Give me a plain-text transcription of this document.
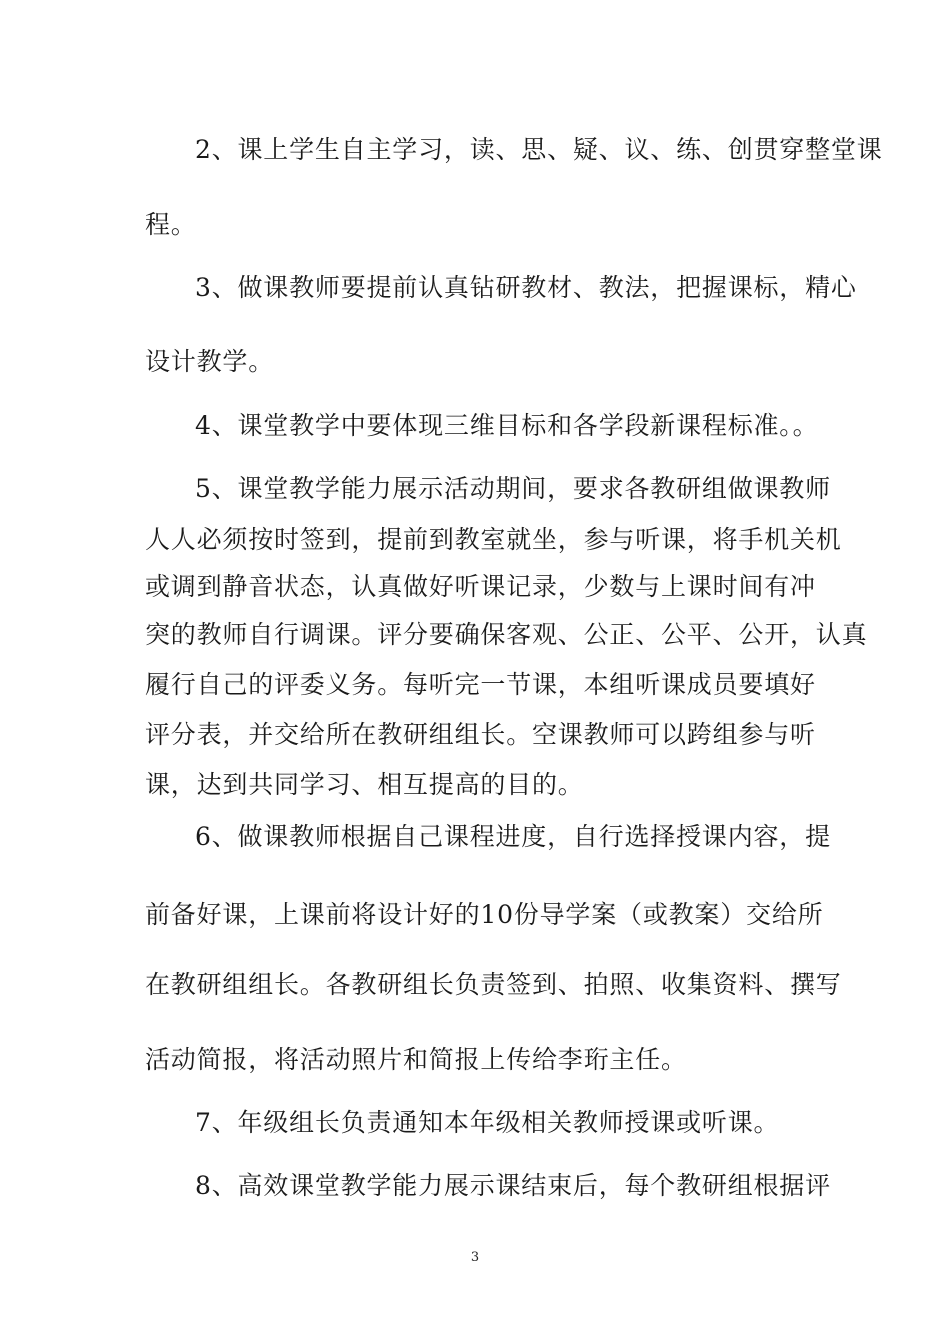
2、课上学生自主学习，读、思、疑、议、练、创贯穿整堂课
程。
3、做课教师要提前认真钻研教材、教法，把握课标，精心
设计教学。
4、课堂教学中要体现三维目标和各学段新课程标准。。
5、课堂教学能力展示活动期间，要求各教研组做课教师
人人必须按时签到，提前到教室就坐，参与听课，将手机关机
或调到静音状态，认真做好听课记录，少数与上课时间有冲
突的教师自行调课。评分要确保客观、公正、公平、公开，认真
履行自己的评委义务。每听完一节课，本组听课成员要填好
评分表，并交给所在教研组组长。空课教师可以跨组参与听
课，达到共同学习、相互提高的目的。
6、做课教师根据自己课程进度，自行选择授课内容，提
前备好课，上课前将设计好的10份导学案（或教案）交给所
在教研组组长。各教研组长负责签到、拍照、收集资料、撰写
活动简报，将活动照片和简报上传给李珩主任。
7、年级组长负责通知本年级相关教师授课或听课。
8、高效课堂教学能力展示课结束后，每个教研组根据评
3
